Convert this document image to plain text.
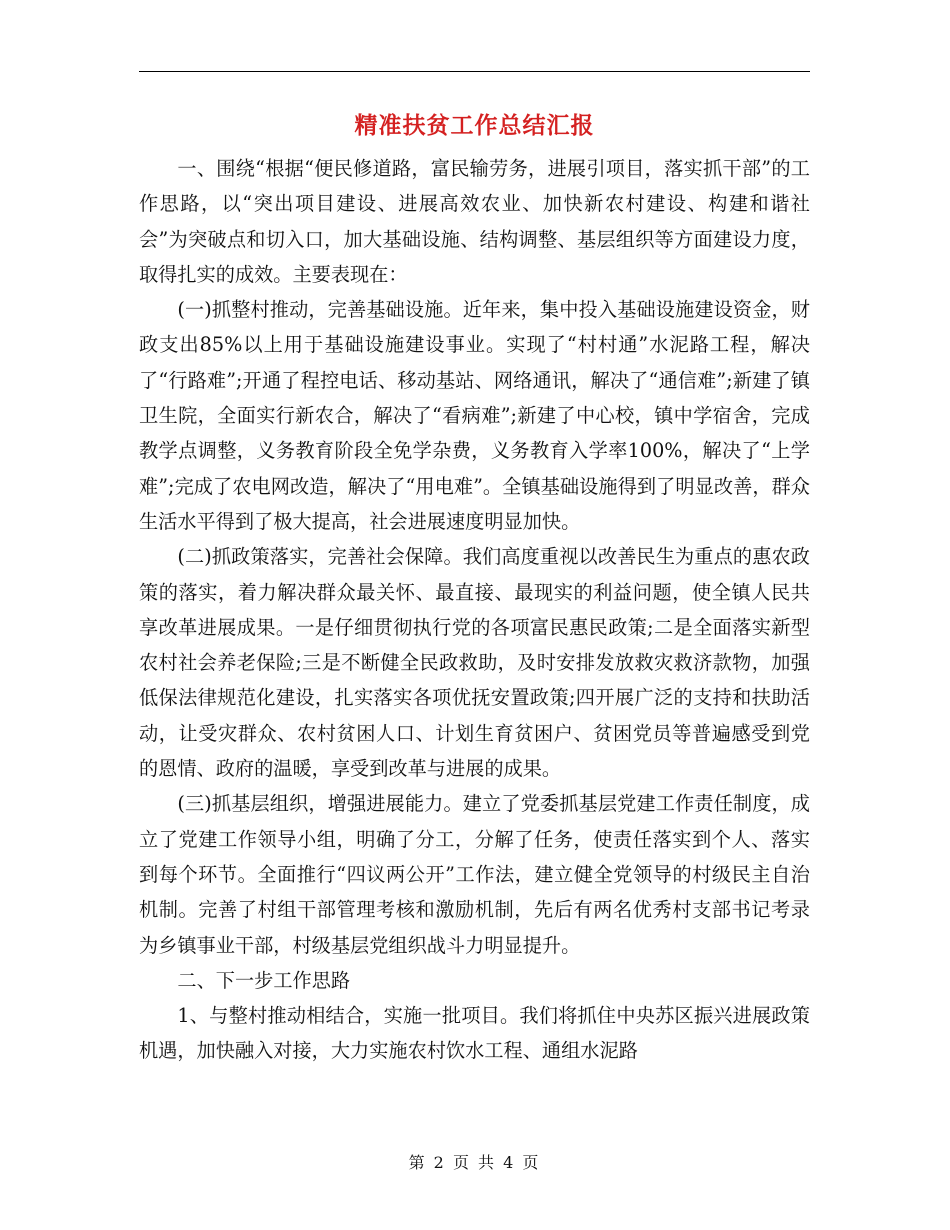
精准扶贫工作总结汇报

一、围绕“根据“便民修道路，富民输劳务，进展引项目，落实抓干部”的工作思路，以“突出项目建设、进展高效农业、加快新农村建设、构建和谐社会”为突破点和切入口，加大基础设施、结构调整、基层组织等方面建设力度，取得扎实的成效。主要表现在：

(一)抓整村推动，完善基础设施。近年来，集中投入基础设施建设资金，财政支出85%以上用于基础设施建设事业。实现了“村村通”水泥路工程，解决了“行路难”;开通了程控电话、移动基站、网络通讯，解决了“通信难”;新建了镇卫生院，全面实行新农合，解决了“看病难”;新建了中心校，镇中学宿舍，完成教学点调整，义务教育阶段全免学杂费，义务教育入学率100%，解决了“上学难”;完成了农电网改造，解决了“用电难”。全镇基础设施得到了明显改善，群众生活水平得到了极大提高，社会进展速度明显加快。

(二)抓政策落实，完善社会保障。我们高度重视以改善民生为重点的惠农政策的落实，着力解决群众最关怀、最直接、最现实的利益问题，使全镇人民共享改革进展成果。一是仔细贯彻执行党的各项富民惠民政策;二是全面落实新型农村社会养老保险;三是不断健全民政救助，及时安排发放救灾救济款物，加强低保法律规范化建设，扎实落实各项优抚安置政策;四开展广泛的支持和扶助活动，让受灾群众、农村贫困人口、计划生育贫困户、贫困党员等普遍感受到党的恩情、政府的温暖，享受到改革与进展的成果。

(三)抓基层组织，增强进展能力。建立了党委抓基层党建工作责任制度，成立了党建工作领导小组，明确了分工，分解了任务，使责任落实到个人、落实到每个环节。全面推行“四议两公开”工作法，建立健全党领导的村级民主自治机制。完善了村组干部管理考核和激励机制，先后有两名优秀村支部书记考录为乡镇事业干部，村级基层党组织战斗力明显提升。

二、下一步工作思路

1、与整村推动相结合，实施一批项目。我们将抓住中央苏区振兴进展政策机遇，加快融入对接，大力实施农村饮水工程、通组水泥路

第 2 页 共 4 页
